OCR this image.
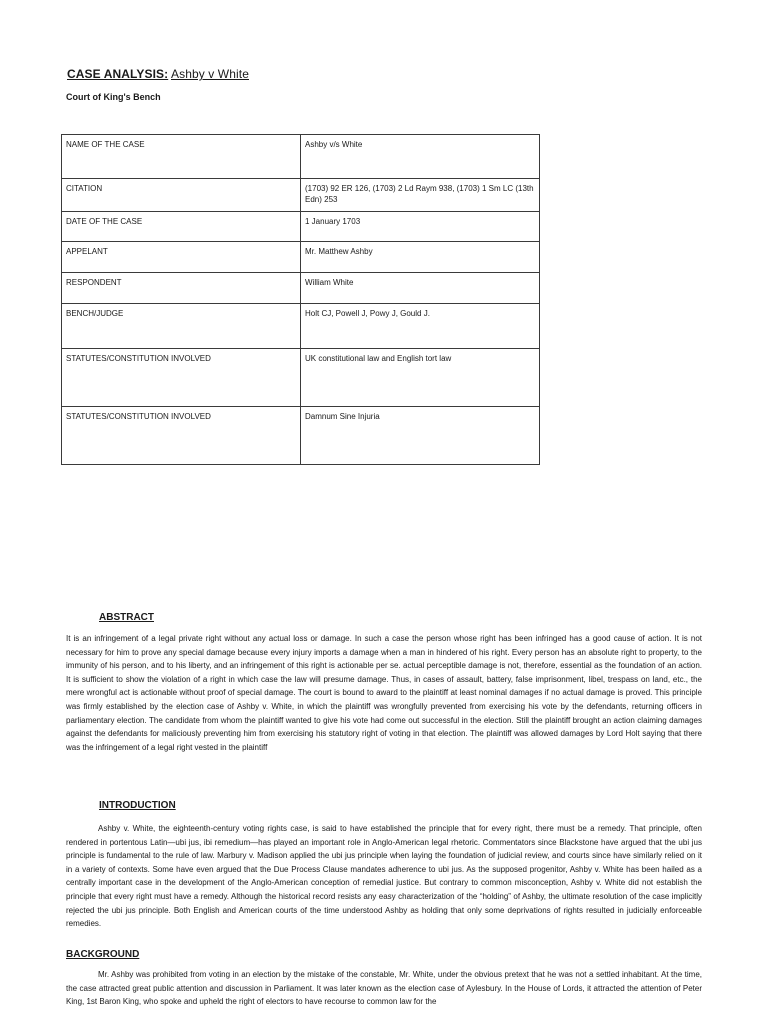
CASE ANALYSIS: Ashby v White
Court of King's Bench
NAME OF THE CASE	Ashby v/s White
CITATION	(1703) 92 ER 126, (1703) 2 Ld Raym 938, (1703) 1 Sm LC (13th Edn) 253
DATE OF THE CASE	1 January 1703
APPELANT	Mr. Matthew Ashby
RESPONDENT	William White
BENCH/JUDGE	Holt CJ, Powell J, Powy J, Gould J.
STATUTES/CONSTITUTION INVOLVED	UK constitutional law and English tort law
STATUTES/CONSTITUTION INVOLVED	Damnum Sine Injuria
ABSTRACT

It is an infringement of a legal private right without any actual loss or damage. In such a case the person whose right has been infringed has a good cause of action. It is not necessary for him to prove any special damage because every injury imports a damage when a man in hindered of his right. Every person has an absolute right to property, to the immunity of his person, and to his liberty, and an infringement of this right is actionable per se. actual perceptible damage is not, therefore, essential as the foundation of an action. It is sufficient to show the violation of a right in which case the law will presume damage. Thus, in cases of assault, battery, false imprisonment, libel, trespass on land, etc., the mere wrongful act is actionable without proof of special damage. The court is bound to award to the plaintiff at least nominal damages if no actual damage is proved. This principle was firmly established by the election case of Ashby v. White, in which the plaintiff was wrongfully prevented from exercising his vote by the defendants, returning officers in parliamentary election. The candidate from whom the plaintiff wanted to give his vote had come out successful in the election. Still the plaintiff brought an action claiming damages against the defendants for maliciously preventing him from exercising his statutory right of voting in that election. The plaintiff was allowed damages by Lord Holt saying that there was the infringement of a legal right vested in the plaintiff

INTRODUCTION

Ashby v. White, the eighteenth-century voting rights case, is said to have established the principle that for every right, there must be a remedy. That principle, often rendered in portentous Latin—ubi jus, ibi remedium—has played an important role in Anglo-American legal rhetoric. Commentators since Blackstone have argued that the ubi jus principle is fundamental to the rule of law. Marbury v. Madison applied the ubi jus principle when laying the foundation of judicial review, and courts since have similarly relied on it in a variety of contexts. Some have even argued that the Due Process Clause mandates adherence to ubi jus. As the supposed progenitor, Ashby v. White has been hailed as a centrally important case in the development of the Anglo-American conception of remedial justice. But contrary to common misconception, Ashby v. White did not establish the principle that every right must have a remedy. Although the historical record resists any easy characterization of the “holding” of Ashby, the ultimate resolution of the case implicitly rejected the ubi jus principle. Both English and American courts of the time understood Ashby as holding that only some deprivations of rights resulted in judicially enforceable remedies.

BACKGROUND

Mr. Ashby was prohibited from voting in an election by the mistake of the constable, Mr. White, under the obvious pretext that he was not a settled inhabitant. At the time, the case attracted great public attention and discussion in Parliament. It was later known as the election case of Aylesbury. In the House of Lords, it attracted the attention of Peter King, 1st Baron King, who spoke and upheld the right of electors to have recourse to common law for the
